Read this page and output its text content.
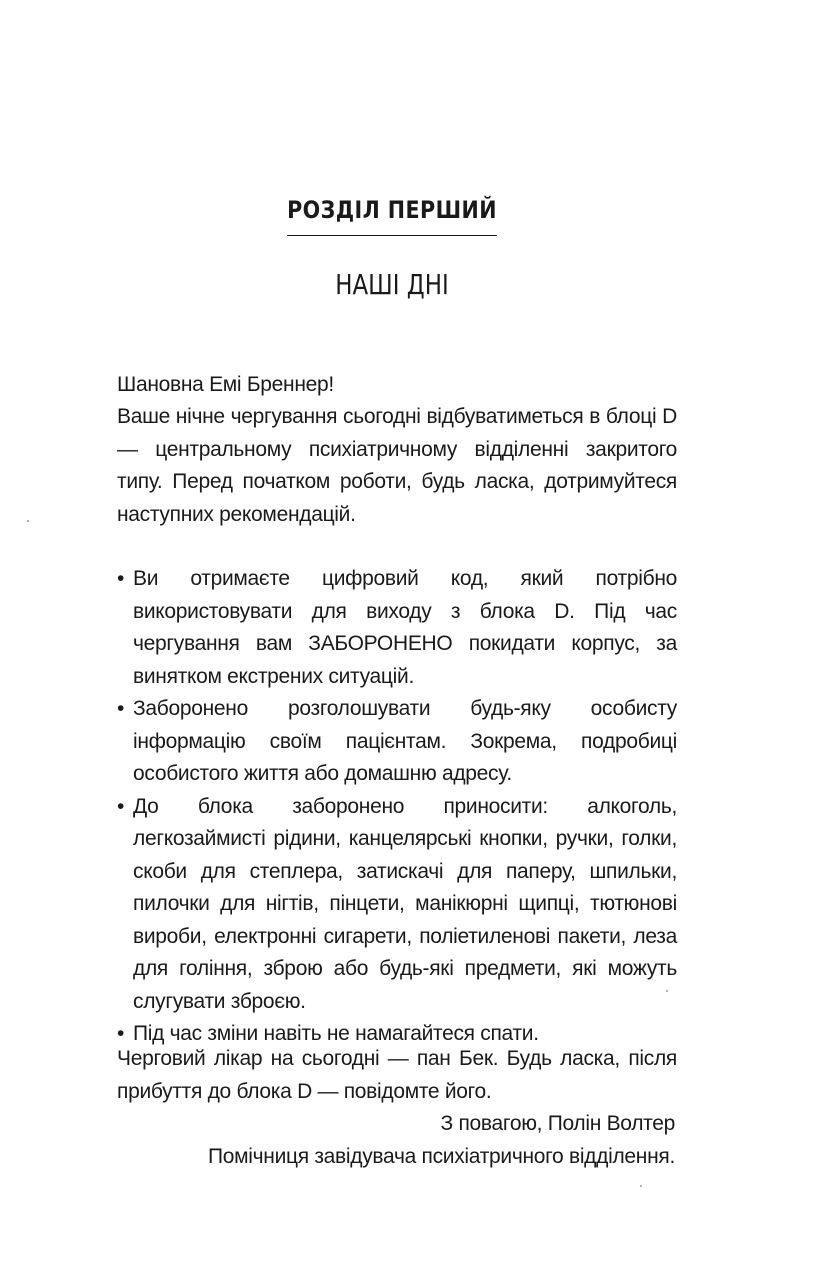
РОЗДІЛ ПЕРШИЙ
НАШІ ДНІ
Шановна Емі Бреннер!
Ваше нічне чергування сьогодні відбуватиметься в блоці D — центральному психіатричному відділенні закритого типу. Перед початком роботи, будь ласка, дотримуйтеся наступних рекомендацій.
• Ви отримаєте цифровий код, який потрібно використовувати для виходу з блока D. Під час чергування вам ЗАБОРОНЕНО покидати корпус, за винятком екстрених ситуацій.
• Заборонено розголошувати будь-яку особисту інформацію своїм пацієнтам. Зокрема, подробиці особистого життя або домашню адресу.
• До блока заборонено приносити: алкоголь, легкозаймисті рідини, канцелярські кнопки, ручки, голки, скоби для степлера, затискачі для паперу, шпильки, пилочки для нігтів, пінцети, манікюрні щипці, тютюнові вироби, електронні сигарети, поліетиленові пакети, леза для гоління, зброю або будь-які предмети, які можуть слугувати зброєю.
• Під час зміни навіть не намагайтеся спати.
Черговий лікар на сьогодні — пан Бек. Будь ласка, після прибуття до блока D — повідомте його.
З повагою, Полін Волтер
Помічниця завідувача психіатричного відділення.
